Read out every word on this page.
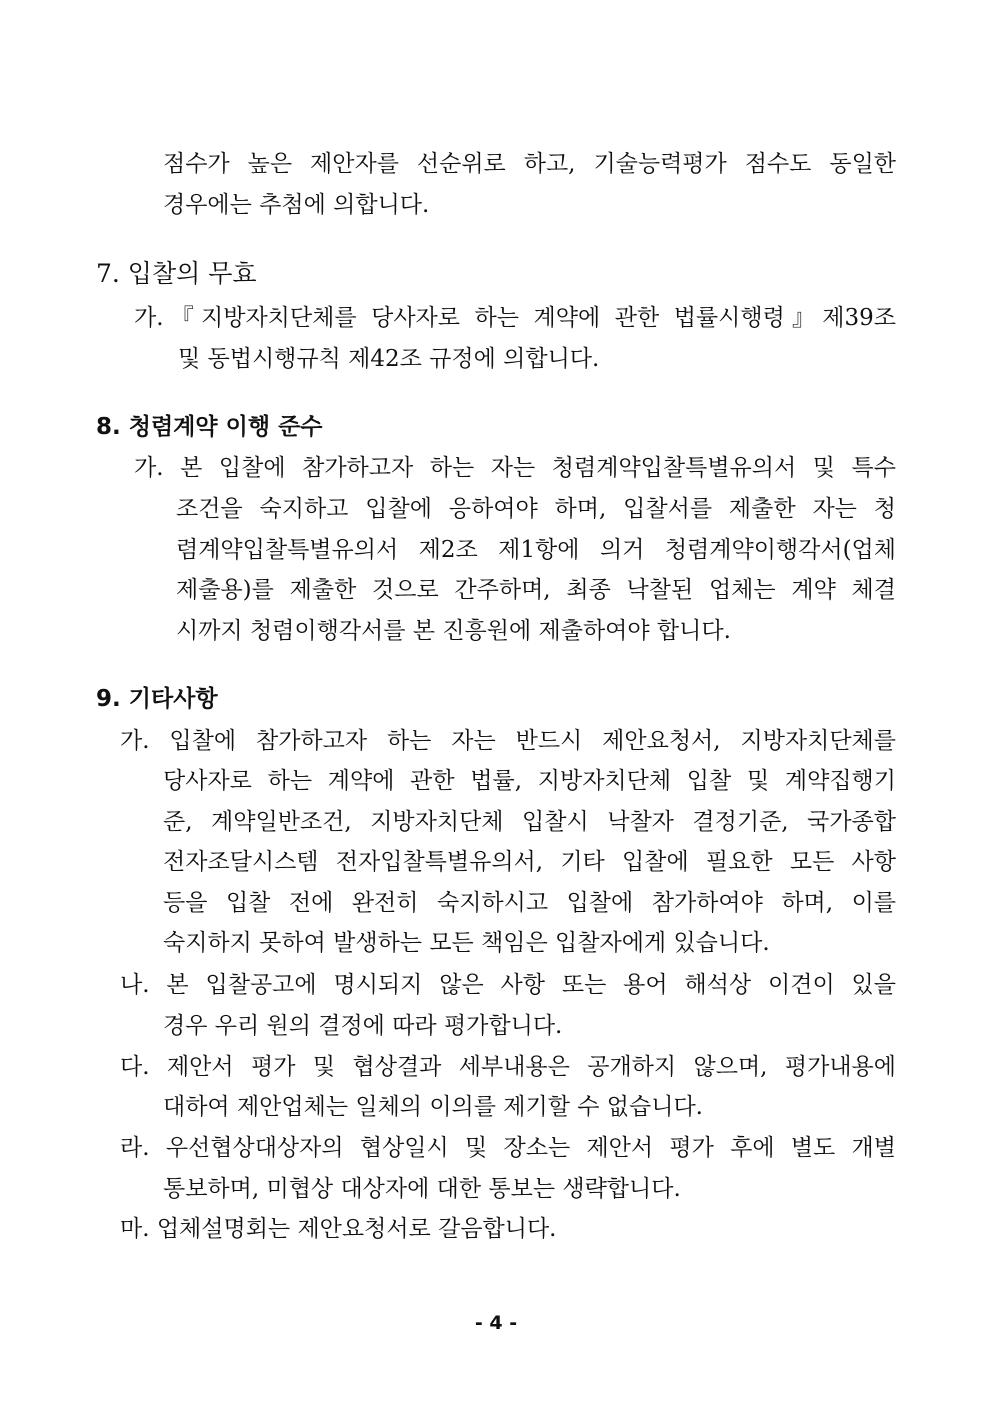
점수가 높은 제안자를 선순위로 하고, 기술능력평가 점수도 동일한
경우에는 추첨에 의합니다.
7. 입찰의 무효
가.『지방자치단체를 당사자로 하는 계약에 관한 법률시행령』제39조
및 동법시행규칙 제42조 규정에 의합니다.
8. 청렴계약 이행 준수
가. 본 입찰에 참가하고자 하는 자는 청렴계약입찰특별유의서 및 특수
조건을 숙지하고 입찰에 응하여야 하며, 입찰서를 제출한 자는 청
렴계약입찰특별유의서 제2조 제1항에 의거 청렴계약이행각서(업체
제출용)를 제출한 것으로 간주하며, 최종 낙찰된 업체는 계약 체결
시까지 청렴이행각서를 본 진흥원에 제출하여야 합니다.
9. 기타사항
가. 입찰에 참가하고자 하는 자는 반드시 제안요청서, 지방자치단체를
당사자로 하는 계약에 관한 법률, 지방자치단체 입찰 및 계약집행기
준, 계약일반조건, 지방자치단체 입찰시 낙찰자 결정기준, 국가종합
전자조달시스템 전자입찰특별유의서, 기타 입찰에 필요한 모든 사항
등을 입찰 전에 완전히 숙지하시고 입찰에 참가하여야 하며, 이를
숙지하지 못하여 발생하는 모든 책임은 입찰자에게 있습니다.
나. 본 입찰공고에 명시되지 않은 사항 또는 용어 해석상 이견이 있을
경우 우리 원의 결정에 따라 평가합니다.
다. 제안서 평가 및 협상결과 세부내용은 공개하지 않으며, 평가내용에
대하여 제안업체는 일체의 이의를 제기할 수 없습니다.
라. 우선협상대상자의 협상일시 및 장소는 제안서 평가 후에 별도 개별
통보하며, 미협상 대상자에 대한 통보는 생략합니다.
마. 업체설명회는 제안요청서로 갈음합니다.
- 4 -
